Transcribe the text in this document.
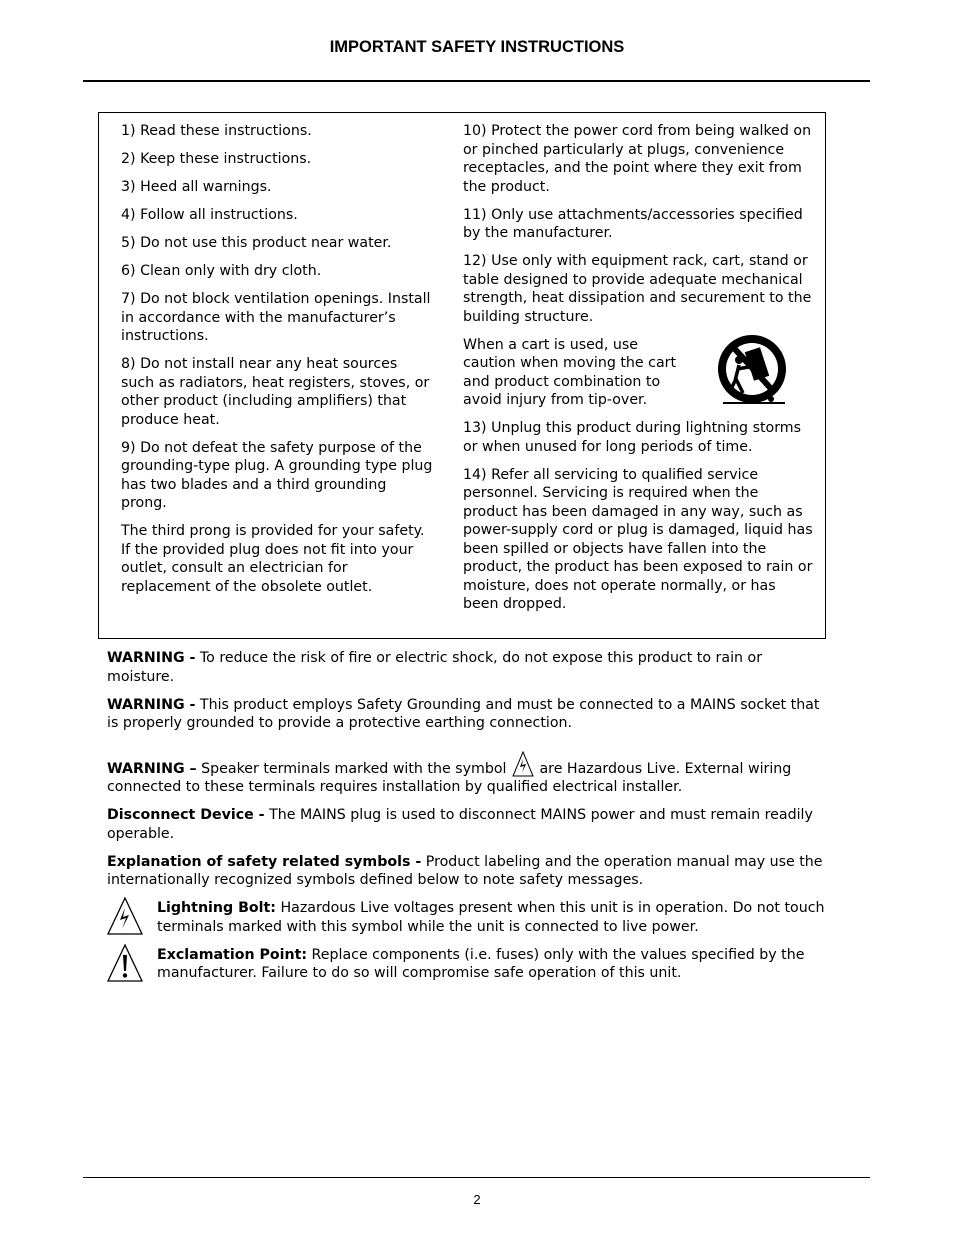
IMPORTANT SAFETY INSTRUCTIONS

1) Read these instructions.

2) Keep these instructions.

3) Heed all warnings.

4) Follow all instructions.

5) Do not use this product near water.

6) Clean only with dry cloth.

7) Do not block ventilation openings. Install in accordance with the manufacturer’s instructions.

8) Do not install near any heat sources such as radiators, heat registers, stoves, or other product (including amplifiers) that produce heat.

9) Do not defeat the safety purpose of the grounding-type plug. A grounding type plug has two blades and a third grounding prong.

The third prong is provided for your safety. If the provided plug does not fit into your outlet, consult an electrician for replacement of the obsolete outlet.

10) Protect the power cord from being walked on or pinched particularly at plugs, convenience receptacles, and the point where they exit from the product.

11) Only use attachments/accessories specified by the manufacturer.

12) Use only with equipment rack, cart, stand or table designed to provide adequate mechanical strength, heat dissipation and securement to the building structure.

When a cart is used, use caution when moving the cart and product combination to avoid injury from tip-over.

13) Unplug this product during lightning storms or when unused for long periods of time.

14) Refer all servicing to qualified service personnel. Servicing is required when the product has been damaged in any way, such as power-supply cord or plug is damaged, liquid has been spilled or objects have fallen into the product, the product has been exposed to rain or moisture, does not operate normally, or has been dropped.

WARNING - To reduce the risk of fire or electric shock, do not expose this product to rain or moisture.

WARNING - This product employs Safety Grounding and must be connected to a MAINS socket that is properly grounded to provide a protective earthing connection.

WARNING – Speaker terminals marked with the symbol  are Hazardous Live. External wiring connected to these terminals requires installation by qualified electrical installer.

Disconnect Device - The MAINS plug is used to disconnect MAINS power and must remain readily operable.

Explanation of safety related symbols - Product labeling and the operation manual may use the internationally recognized symbols defined below to note safety messages.

Lightning Bolt: Hazardous Live voltages present when this unit is in operation. Do not touch terminals marked with this symbol while the unit is connected to live power.

Exclamation Point: Replace components (i.e. fuses) only with the values specified by the manufacturer. Failure to do so will compromise safe operation of this unit.

2
